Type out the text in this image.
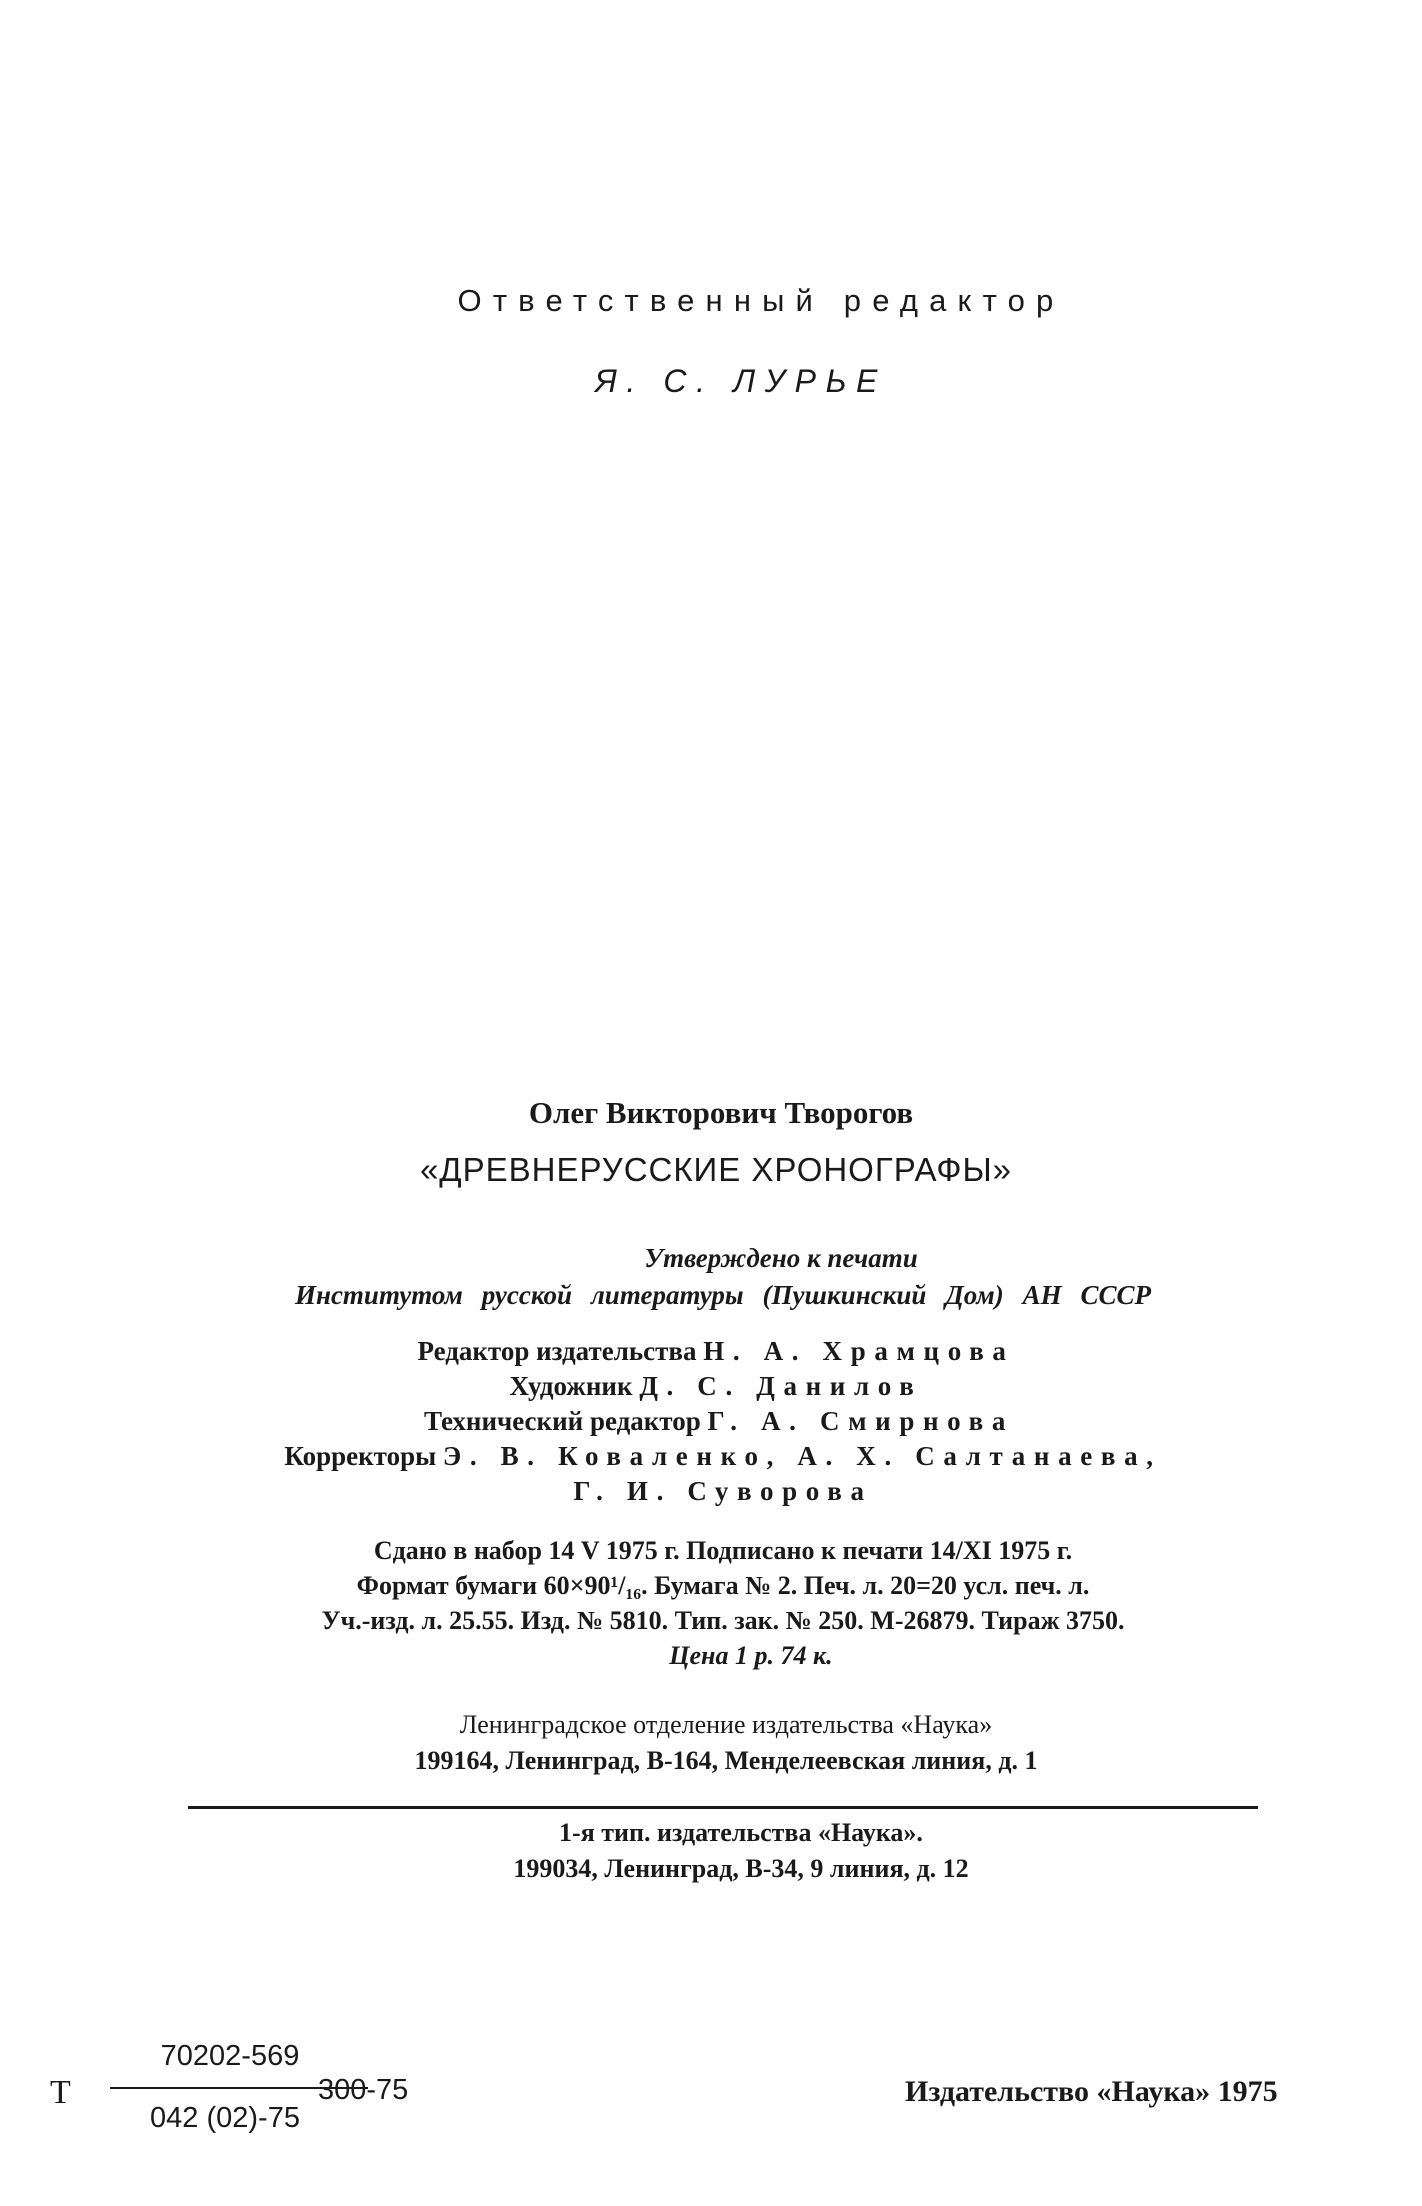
Ответственный редактор
Я. С. ЛУРЬЕ
Олег Викторович Творогов
«ДРЕВНЕРУССКИЕ ХРОНОГРАФЫ»
Утверждено к печати
Институтом русской литературы (Пушкинский Дом) АН СССР
Редактор издательства Н. А. Храмцова
Художник Д. С. Данилов
Технический редактор Г. А. Смирнова
Корректоры Э. В. Коваленко, А. Х. Салтанаева,
Г. И. Суворова
Сдано в набор 14 V 1975 г. Подписано к печати 14/XI 1975 г.
Формат бумаги 60×90¹/₁₆. Бумага № 2. Печ. л. 20=20 усл. печ. л.
Уч.-изд. л. 25.55. Изд. № 5810. Тип. зак. № 250. М-26879. Тираж 3750.
Цена 1 р. 74 к.
Ленинградское отделение издательства «Наука»
199164, Ленинград, В-164, Менделеевская линия, д. 1
1-я тип. издательства «Наука».
199034, Ленинград, В-34, 9 линия, д. 12
Т
70202-569
042 (02)-75
300-75	Издательство «Наука» 1975
